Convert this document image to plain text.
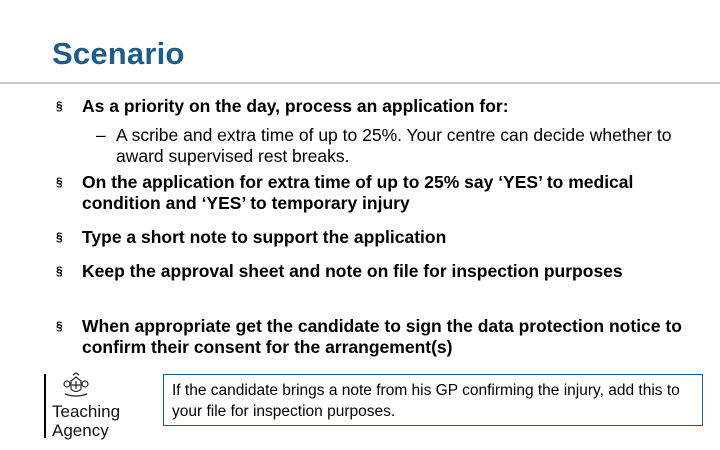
Scenario
§ As a priority on the day, process an application for:
– A scribe and extra time of up to 25%. Your centre can decide whether to award supervised rest breaks.
§ On the application for extra time of up to 25% say ‘YES’ to medical condition and ‘YES’ to temporary injury
§ Type a short note to support the application
§ Keep the approval sheet and note on file for inspection purposes
§ When appropriate get the candidate to sign the data protection notice to confirm their consent for the arrangement(s)
Teaching
Agency
If the candidate brings a note from his GP confirming the injury, add this to your file for inspection purposes.
